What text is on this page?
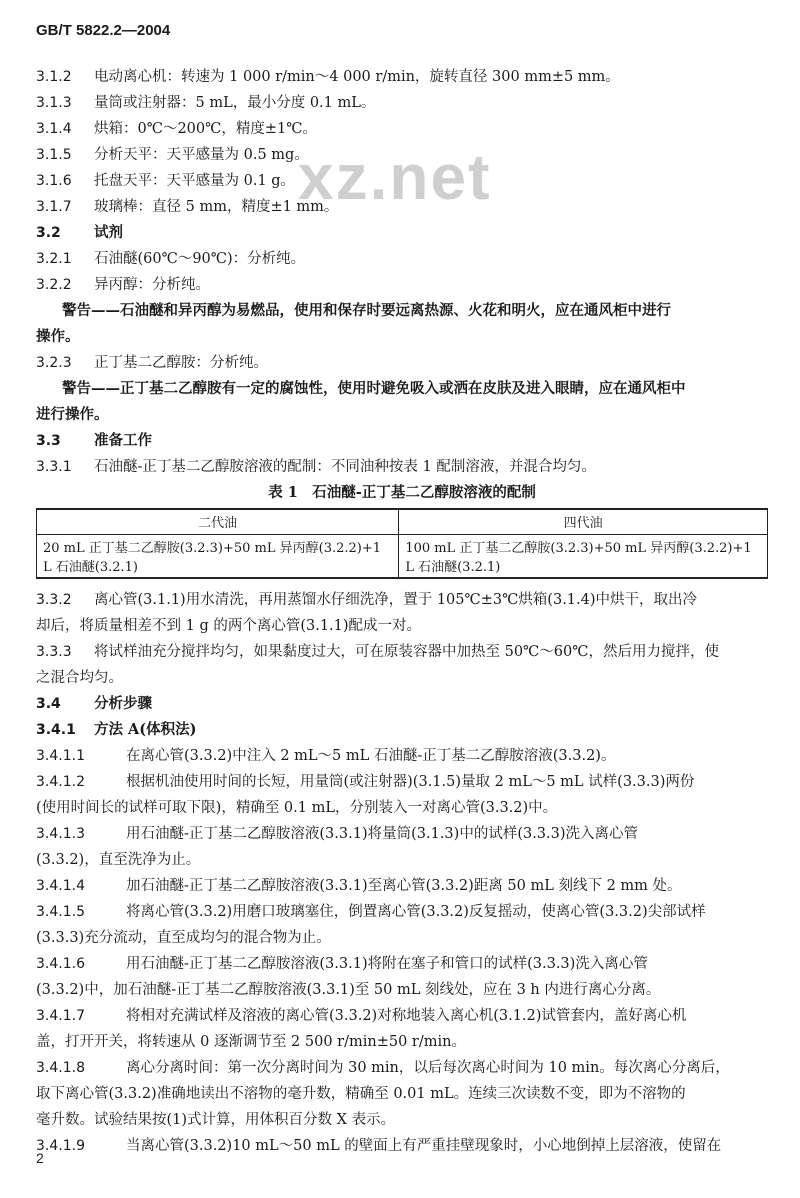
GB/T 5822.2—2004
xz.net
3.1.2 电动离心机：转速为 1 000 r/min～4 000 r/min，旋转直径 300 mm±5 mm。
3.1.3 量筒或注射器：5 mL，最小分度 0.1 mL。
3.1.4 烘箱：0℃～200℃，精度±1℃。
3.1.5 分析天平：天平感量为 0.5 mg。
3.1.6 托盘天平：天平感量为 0.1 g。
3.1.7 玻璃棒：直径 5 mm，精度±1 mm。
3.2 试剂
3.2.1 石油醚(60℃～90℃)：分析纯。
3.2.2 异丙醇：分析纯。
警告——石油醚和异丙醇为易燃品，使用和保存时要远离热源、火花和明火，应在通风柜中进行
操作。
3.2.3 正丁基二乙醇胺：分析纯。
警告——正丁基二乙醇胺有一定的腐蚀性，使用时避免吸入或洒在皮肤及进入眼睛，应在通风柜中
进行操作。
3.3 准备工作
3.3.1 石油醚-正丁基二乙醇胺溶液的配制：不同油种按表 1 配制溶液，并混合均匀。
表 1　石油醚-正丁基二乙醇胺溶液的配制
二代油	四代油
20 mL 正丁基二乙醇胺(3.2.3)+50 mL 异丙醇(3.2.2)+1 L 石油醚(3.2.1)	100 mL 正丁基二乙醇胺(3.2.3)+50 mL 异丙醇(3.2.2)+1 L 石油醚(3.2.1)
3.3.2 离心管(3.1.1)用水清洗，再用蒸馏水仔细洗净，置于 105℃±3℃烘箱(3.1.4)中烘干，取出冷
却后，将质量相差不到 1 g 的两个离心管(3.1.1)配成一对。
3.3.3 将试样油充分搅拌均匀，如果黏度过大，可在原装容器中加热至 50℃～60℃，然后用力搅拌，使
之混合均匀。
3.4 分析步骤
3.4.1 方法 A(体积法)
3.4.1.1	在离心管(3.3.2)中注入 2 mL～5 mL 石油醚-正丁基二乙醇胺溶液(3.3.2)。
3.4.1.2	根据机油使用时间的长短，用量筒(或注射器)(3.1.5)量取 2 mL～5 mL 试样(3.3.3)两份
(使用时间长的试样可取下限)，精确至 0.1 mL，分别装入一对离心管(3.3.2)中。
3.4.1.3	用石油醚-正丁基二乙醇胺溶液(3.3.1)将量筒(3.1.3)中的试样(3.3.3)洗入离心管
(3.3.2)，直至洗净为止。
3.4.1.4	加石油醚-正丁基二乙醇胺溶液(3.3.1)至离心管(3.3.2)距离 50 mL 刻线下 2 mm 处。
3.4.1.5	将离心管(3.3.2)用磨口玻璃塞住，倒置离心管(3.3.2)反复摇动，使离心管(3.3.2)尖部试样
(3.3.3)充分流动，直至成均匀的混合物为止。
3.4.1.6	用石油醚-正丁基二乙醇胺溶液(3.3.1)将附在塞子和管口的试样(3.3.3)洗入离心管
(3.3.2)中，加石油醚-正丁基二乙醇胺溶液(3.3.1)至 50 mL 刻线处，应在 3 h 内进行离心分离。
3.4.1.7	将相对充满试样及溶液的离心管(3.3.2)对称地装入离心机(3.1.2)试管套内，盖好离心机
盖，打开开关，将转速从 0 逐渐调节至 2 500 r/min±50 r/min。
3.4.1.8	离心分离时间：第一次分离时间为 30 min，以后每次离心时间为 10 min。每次离心分离后，
取下离心管(3.3.2)准确地读出不溶物的毫升数，精确至 0.01 mL。连续三次读数不变，即为不溶物的
毫升数。试验结果按(1)式计算，用体积百分数 X 表示。
3.4.1.9	当离心管(3.3.2)10 mL～50 mL 的壁面上有严重挂壁现象时，小心地倒掉上层溶液，使留在
2
